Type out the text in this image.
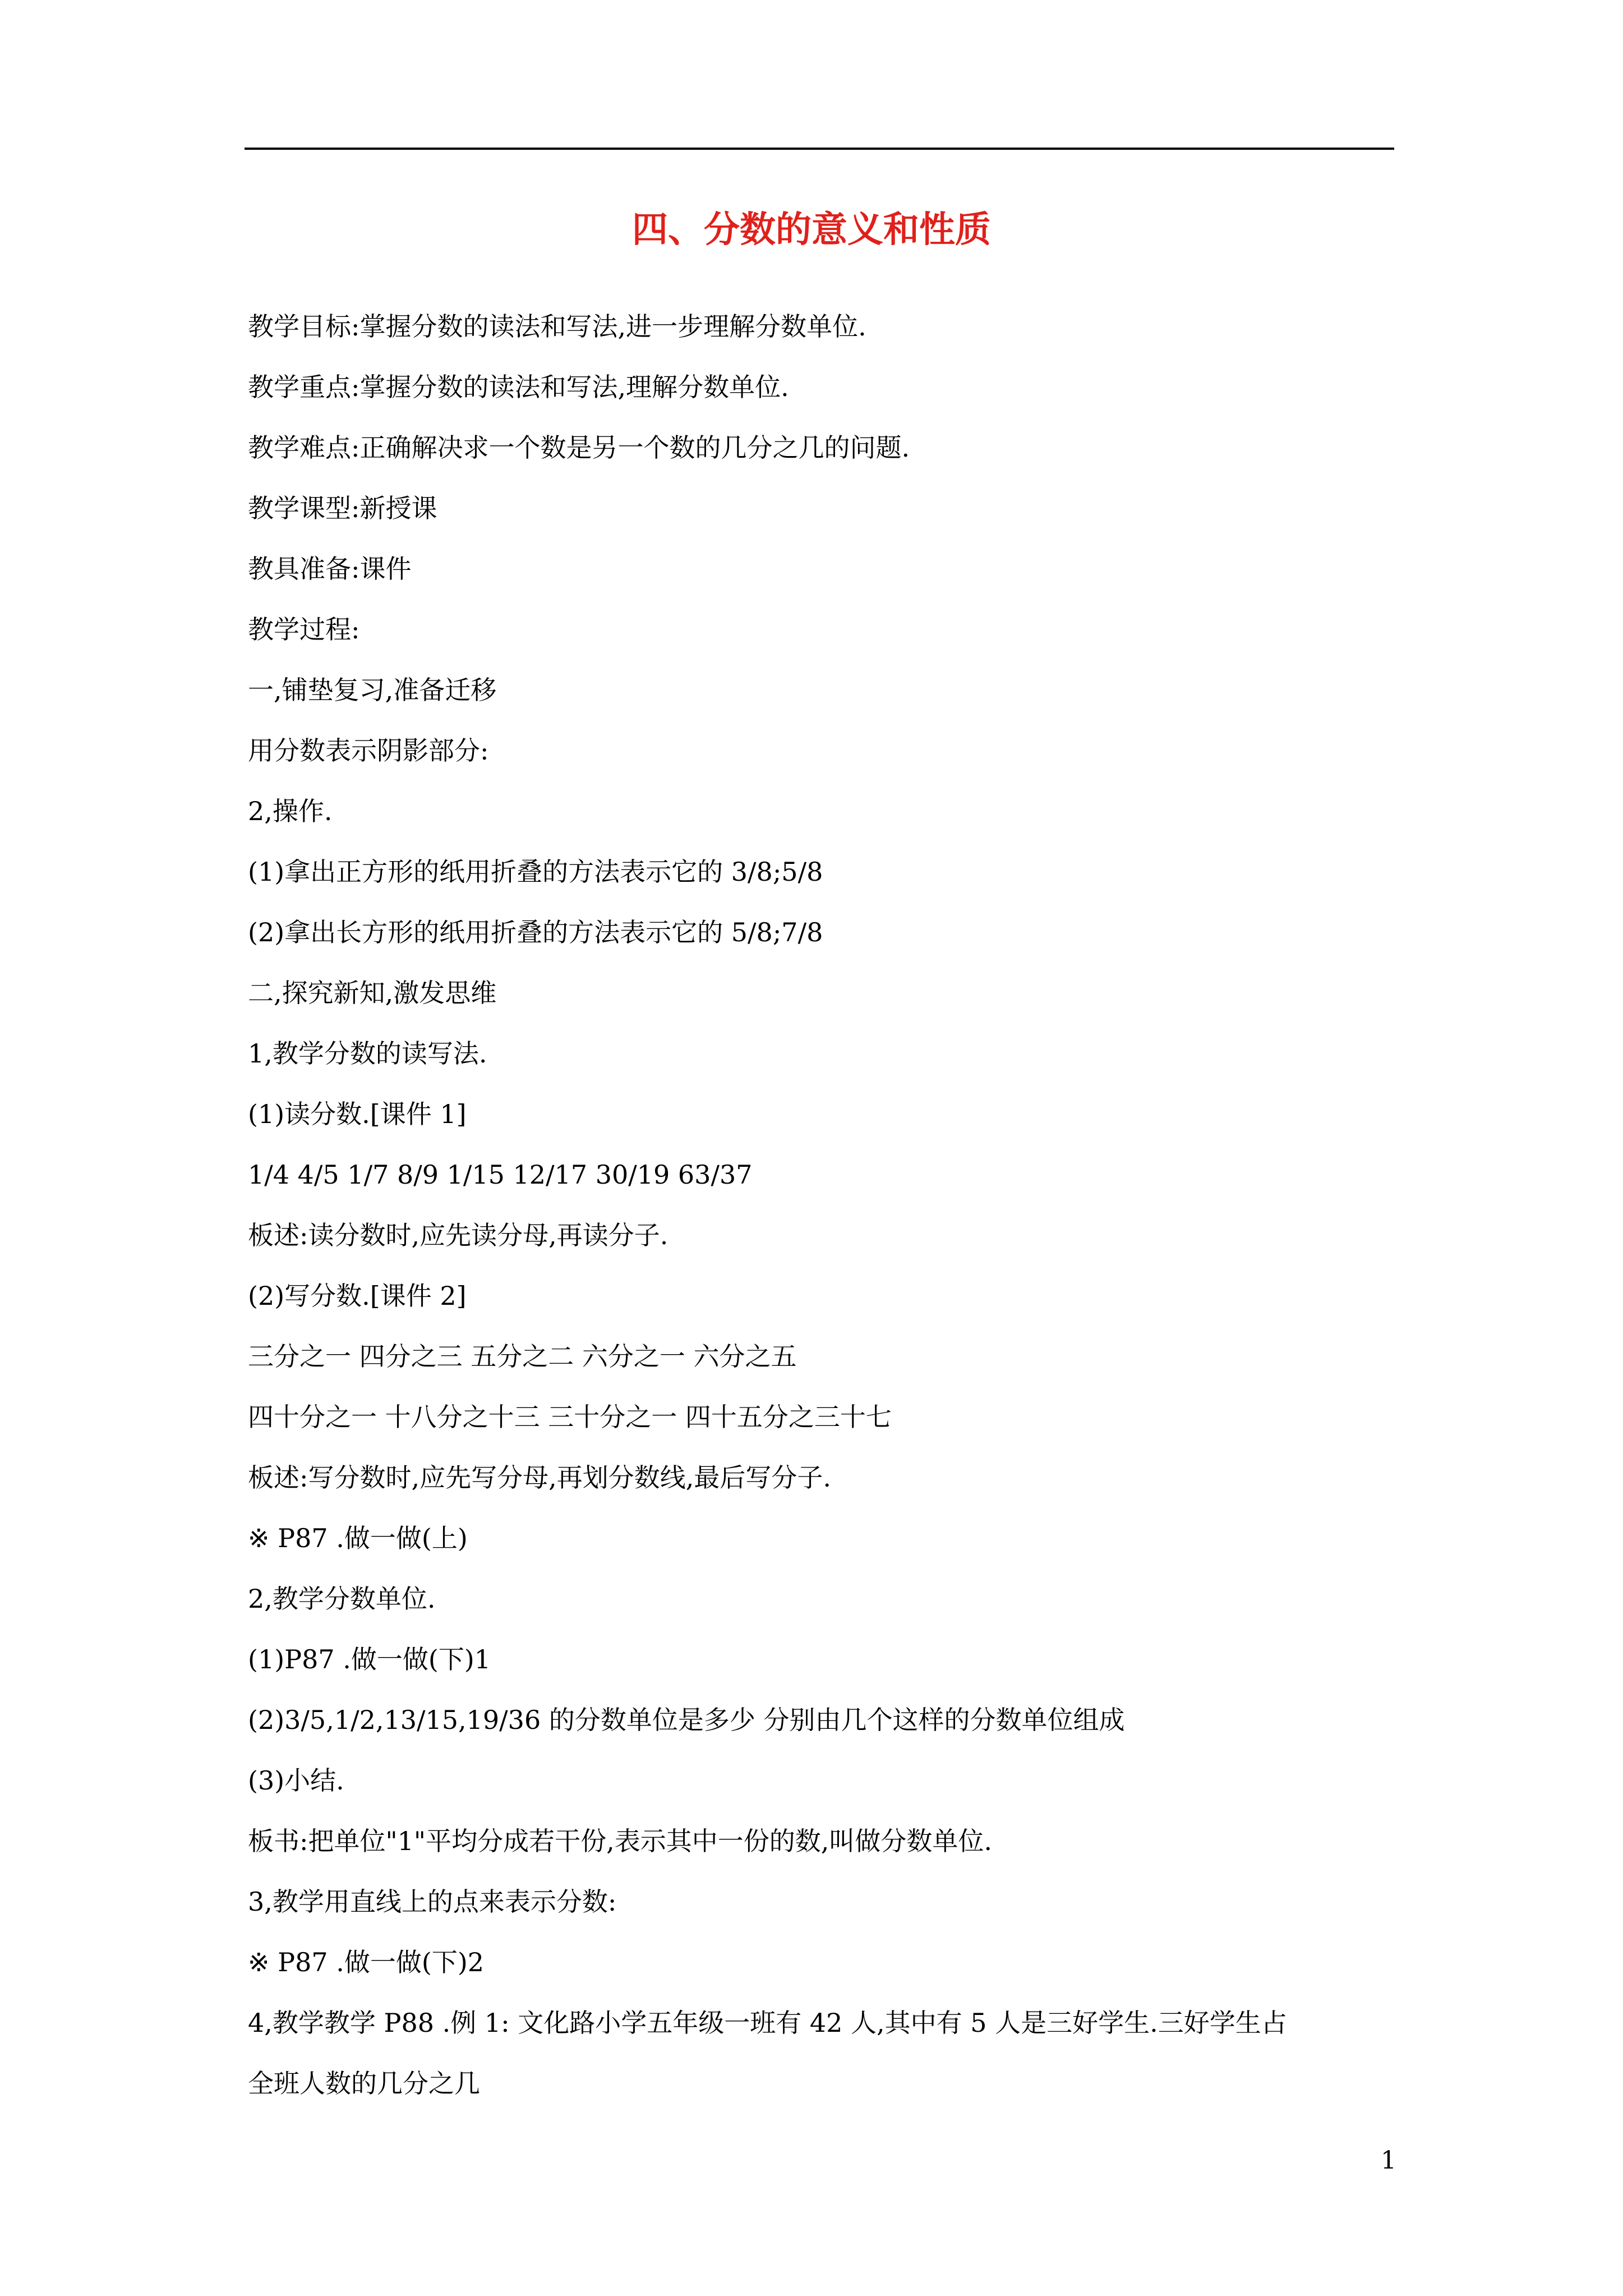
四、分数的意义和性质
教学目标:掌握分数的读法和写法,进一步理解分数单位.
教学重点:掌握分数的读法和写法,理解分数单位.
教学难点:正确解决求一个数是另一个数的几分之几的问题.
教学课型:新授课
教具准备:课件
教学过程:
一,铺垫复习,准备迁移
用分数表示阴影部分:
2,操作.
(1)拿出正方形的纸用折叠的方法表示它的 3/8;5/8
(2)拿出长方形的纸用折叠的方法表示它的 5/8;7/8
二,探究新知,激发思维
1,教学分数的读写法.
(1)读分数.[课件 1]
1/4 4/5 1/7 8/9 1/15 12/17 30/19 63/37
板述:读分数时,应先读分母,再读分子.
(2)写分数.[课件 2]
三分之一 四分之三 五分之二 六分之一 六分之五
四十分之一 十八分之十三 三十分之一 四十五分之三十七
板述:写分数时,应先写分母,再划分数线,最后写分子.
※ P87 .做一做(上)
2,教学分数单位.
(1)P87 .做一做(下)1
(2)3/5,1/2,13/15,19/36 的分数单位是多少 分别由几个这样的分数单位组成
(3)小结.
板书:把单位"1"平均分成若干份,表示其中一份的数,叫做分数单位.
3,教学用直线上的点来表示分数:
※ P87 .做一做(下)2
4,教学教学 P88 .例 1: 文化路小学五年级一班有 42 人,其中有 5 人是三好学生.三好学生占
全班人数的几分之几
1
